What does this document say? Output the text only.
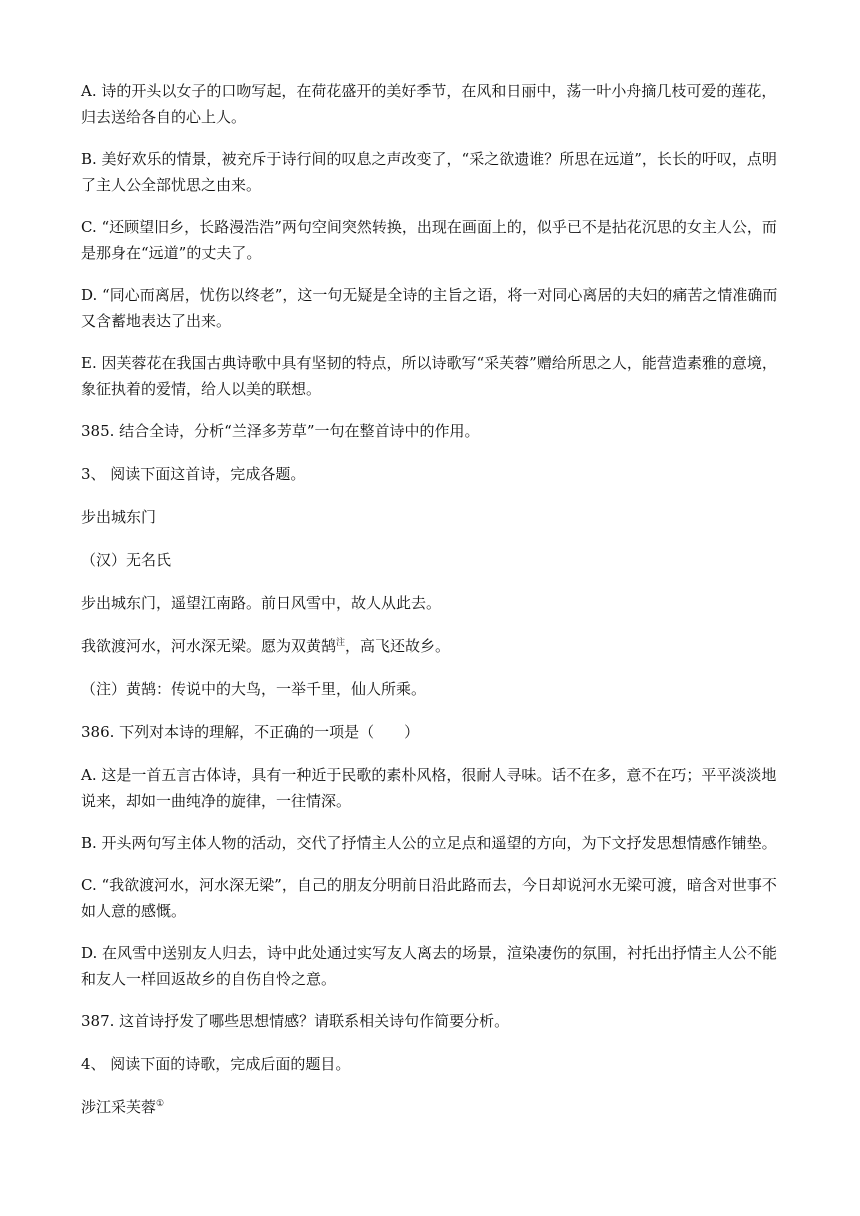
A. 诗的开头以女子的口吻写起，在荷花盛开的美好季节，在风和日丽中，荡一叶小舟摘几枝可爱的莲花，归去送给各自的心上人。

B. 美好欢乐的情景，被充斥于诗行间的叹息之声改变了，“采之欲遗谁？所思在远道”，长长的吁叹，点明了主人公全部忧思之由来。

C. “还顾望旧乡，长路漫浩浩”两句空间突然转换，出现在画面上的，似乎已不是拈花沉思的女主人公，而是那身在“远道”的丈夫了。

D. “同心而离居，忧伤以终老”，这一句无疑是全诗的主旨之语，将一对同心离居的夫妇的痛苦之情准确而又含蓄地表达了出来。

E. 因芙蓉花在我国古典诗歌中具有坚韧的特点，所以诗歌写“采芙蓉”赠给所思之人，能营造素雅的意境，象征执着的爱情，给人以美的联想。

385. 结合全诗，分析“兰泽多芳草”一句在整首诗中的作用。

3、 阅读下面这首诗，完成各题。

步出城东门

（汉）无名氏

步出城东门，遥望江南路。前日风雪中，故人从此去。

我欲渡河水，河水深无梁。愿为双黄鹄$^注$，高飞还故乡。

（注）黄鹄：传说中的大鸟，一举千里，仙人所乘。

386. 下列对本诗的理解，不正确的一项是（　　）

A. 这是一首五言古体诗，具有一种近于民歌的素朴风格，很耐人寻味。话不在多，意不在巧；平平淡淡地说来，却如一曲纯净的旋律，一往情深。

B. 开头两句写主体人物的活动，交代了抒情主人公的立足点和遥望的方向，为下文抒发思想情感作铺垫。

C. “我欲渡河水，河水深无梁”，自己的朋友分明前日沿此路而去，今日却说河水无梁可渡，暗含对世事不如人意的感慨。

D. 在风雪中送别友人归去，诗中此处通过实写友人离去的场景，渲染凄伤的氛围，衬托出抒情主人公不能和友人一样回返故乡的自伤自怜之意。

387. 这首诗抒发了哪些思想情感？请联系相关诗句作简要分析。

4、 阅读下面的诗歌，完成后面的题目。

涉江采芙蓉①
